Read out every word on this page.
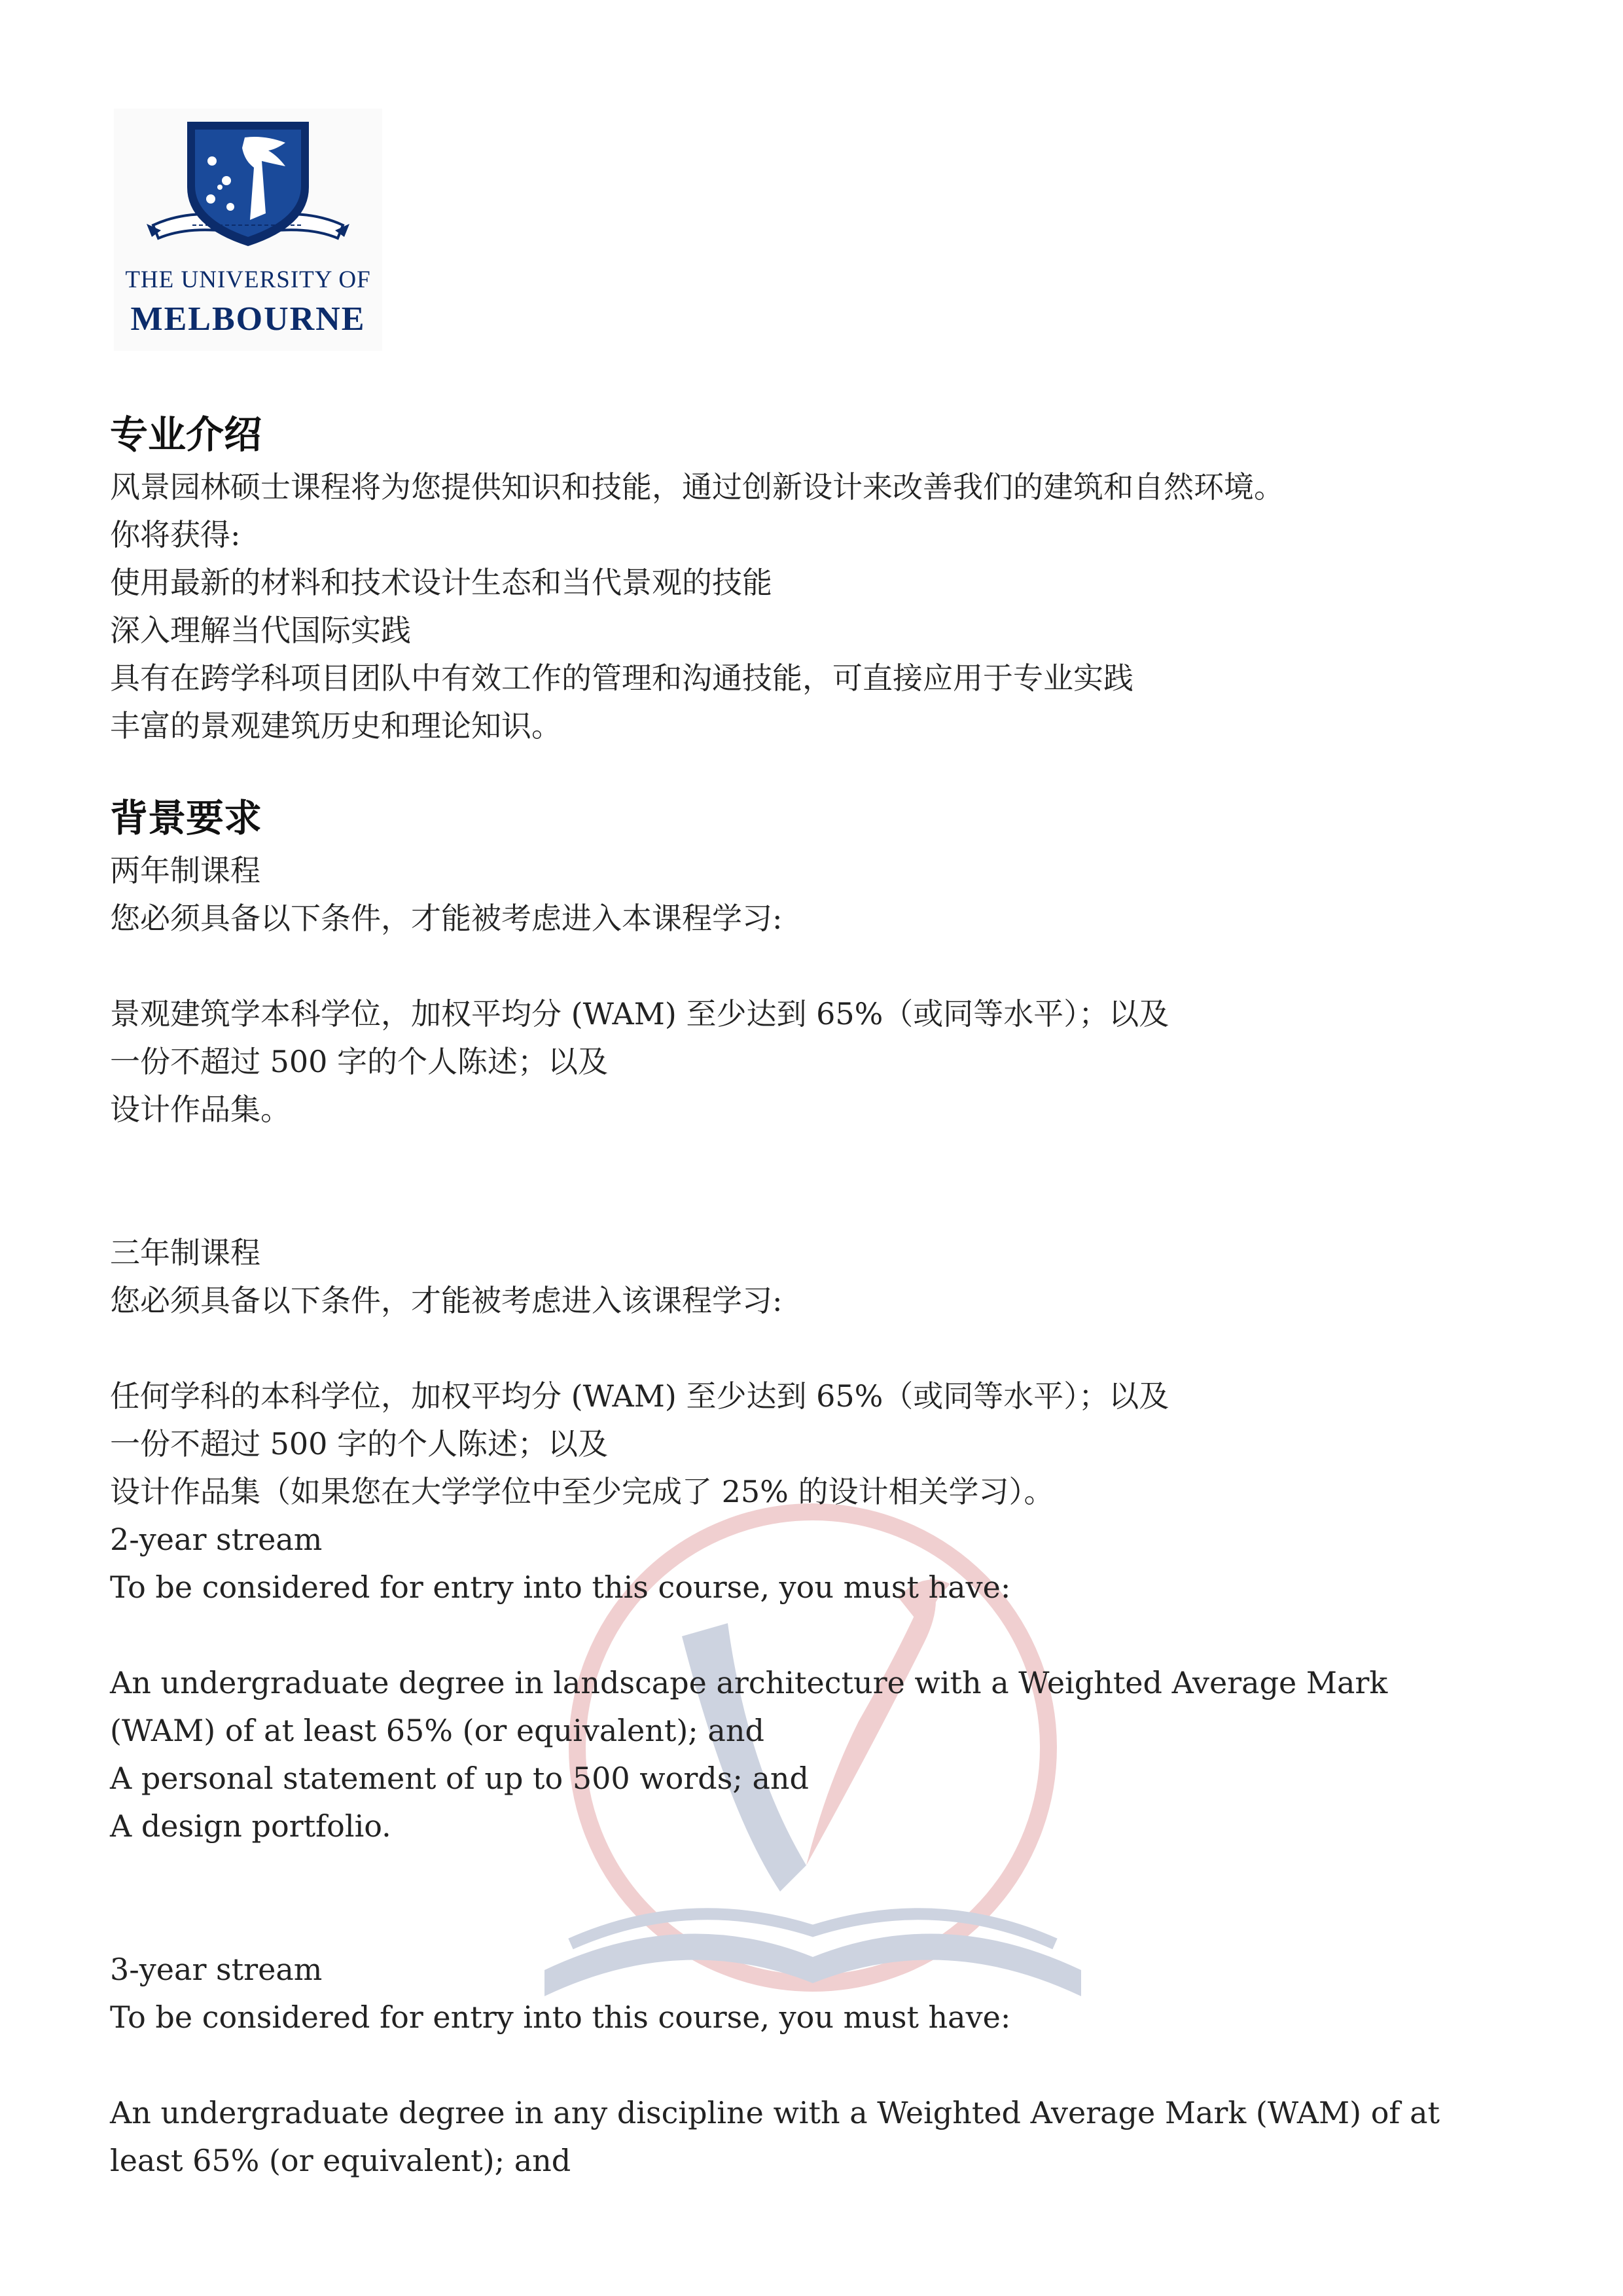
THE UNIVERSITY OF
MELBOURNE
专业介绍

风景园林硕士课程将为您提供知识和技能，通过创新设计来改善我们的建筑和自然环境。

你将获得:

使用最新的材料和技术设计生态和当代景观的技能

深入理解当代国际实践

具有在跨学科项目团队中有效工作的管理和沟通技能，可直接应用于专业实践

丰富的景观建筑历史和理论知识。

背景要求

两年制课程

您必须具备以下条件，才能被考虑进入本课程学习:

景观建筑学本科学位，加权平均分 (WAM) 至少达到 65%（或同等水平）；以及

一份不超过 500 字的个人陈述；以及

设计作品集。

三年制课程

您必须具备以下条件，才能被考虑进入该课程学习:

任何学科的本科学位，加权平均分 (WAM) 至少达到 65%（或同等水平）；以及

一份不超过 500 字的个人陈述；以及

设计作品集（如果您在大学学位中至少完成了 25% 的设计相关学习）。

2-year stream

To be considered for entry into this course, you must have:

An undergraduate degree in landscape architecture with a Weighted Average Mark

(WAM) of at least 65% (or equivalent); and

A personal statement of up to 500 words; and

A design portfolio.

3-year stream

To be considered for entry into this course, you must have:

An undergraduate degree in any discipline with a Weighted Average Mark (WAM) of at

least 65% (or equivalent); and
